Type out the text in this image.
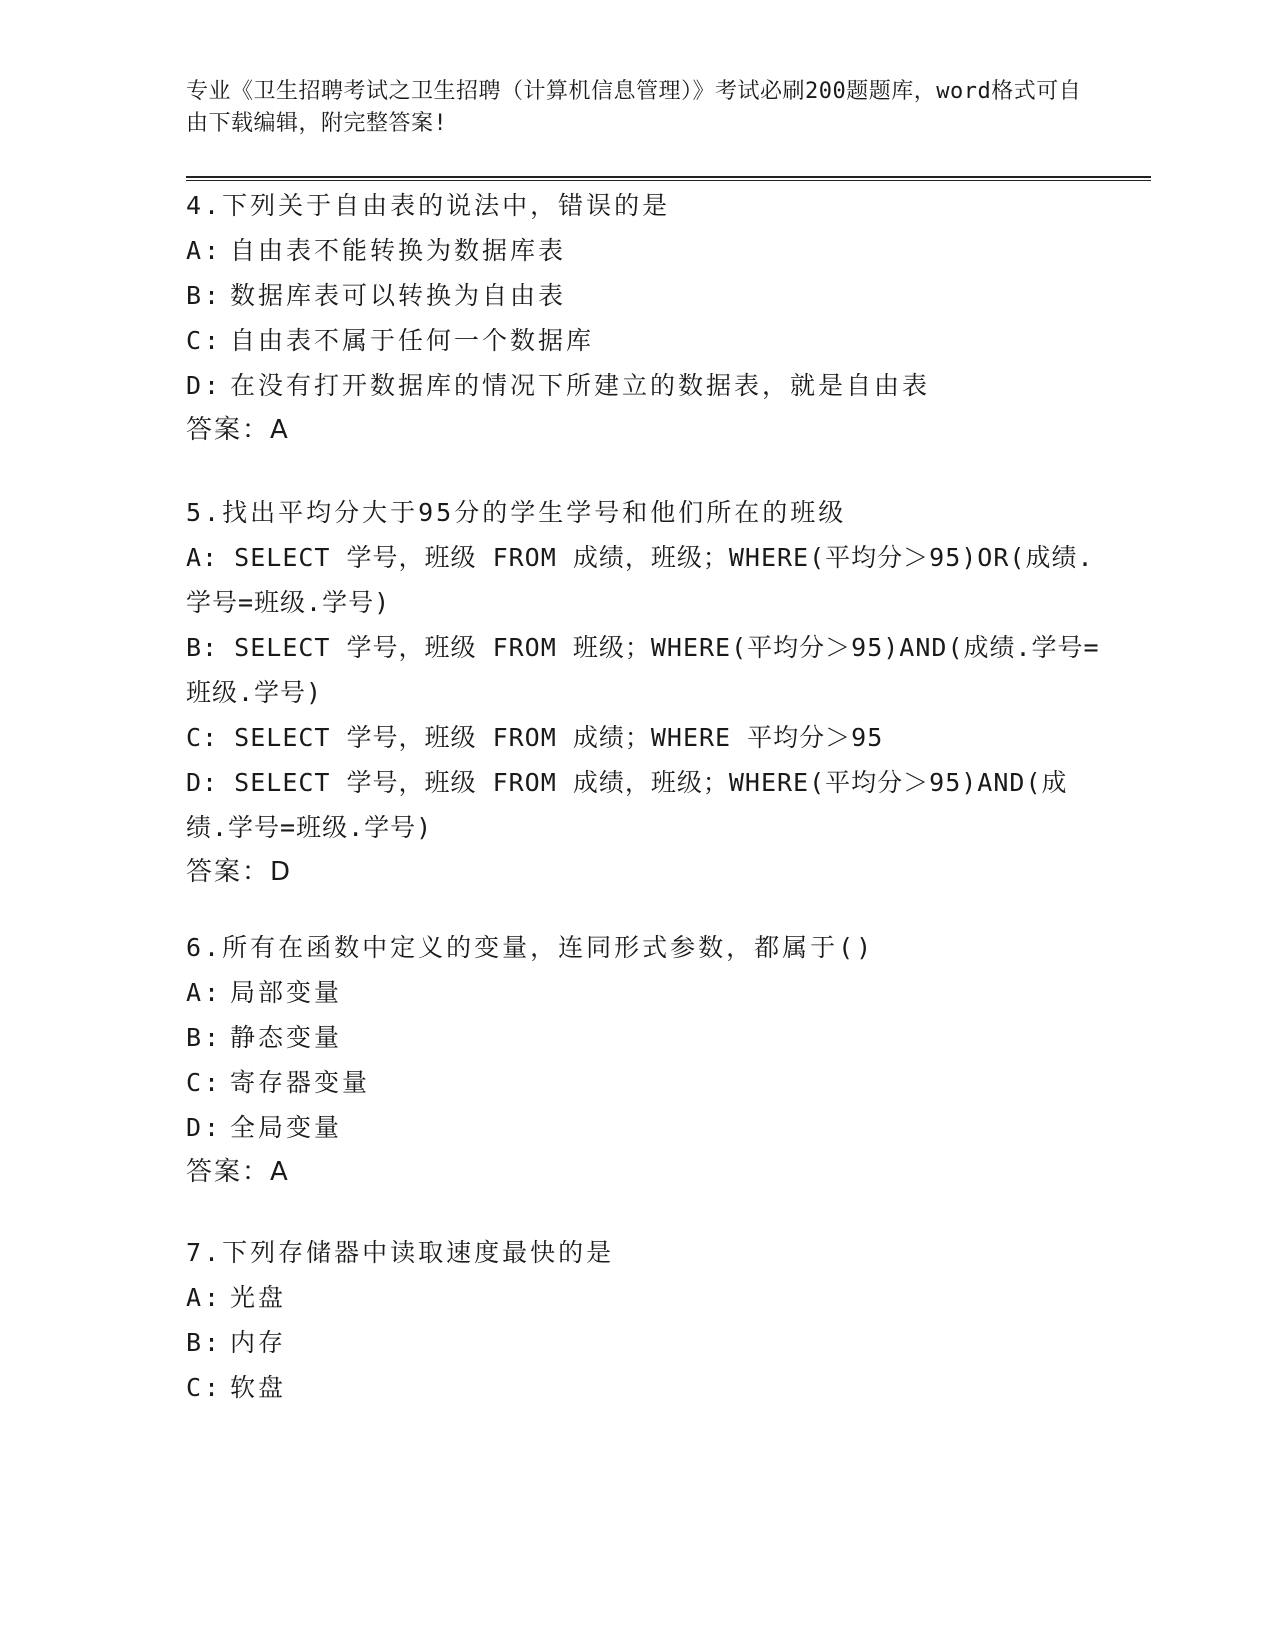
专业《卫生招聘考试之卫生招聘（计算机信息管理）》考试必刷200题题库，word格式可自由下载编辑，附完整答案!
4.下列关于自由表的说法中，错误的是
A: 自由表不能转换为数据库表
B: 数据库表可以转换为自由表
C: 自由表不属于任何一个数据库
D: 在没有打开数据库的情况下所建立的数据表，就是自由表
答案：A
5.找出平均分大于95分的学生学号和他们所在的班级
A: SELECT 学号，班级 FROM 成绩，班级；WHERE(平均分＞95)OR(成绩.学号=班级.学号)
B: SELECT 学号，班级 FROM 班级；WHERE(平均分＞95)AND(成绩.学号=班级.学号)
C: SELECT 学号，班级 FROM 成绩；WHERE 平均分＞95
D: SELECT 学号，班级 FROM 成绩，班级；WHERE(平均分＞95)AND(成绩.学号=班级.学号)
答案：D
6.所有在函数中定义的变量，连同形式参数，都属于()
A: 局部变量
B: 静态变量
C: 寄存器变量
D: 全局变量
答案：A
7.下列存储器中读取速度最快的是
A: 光盘
B: 内存
C: 软盘
